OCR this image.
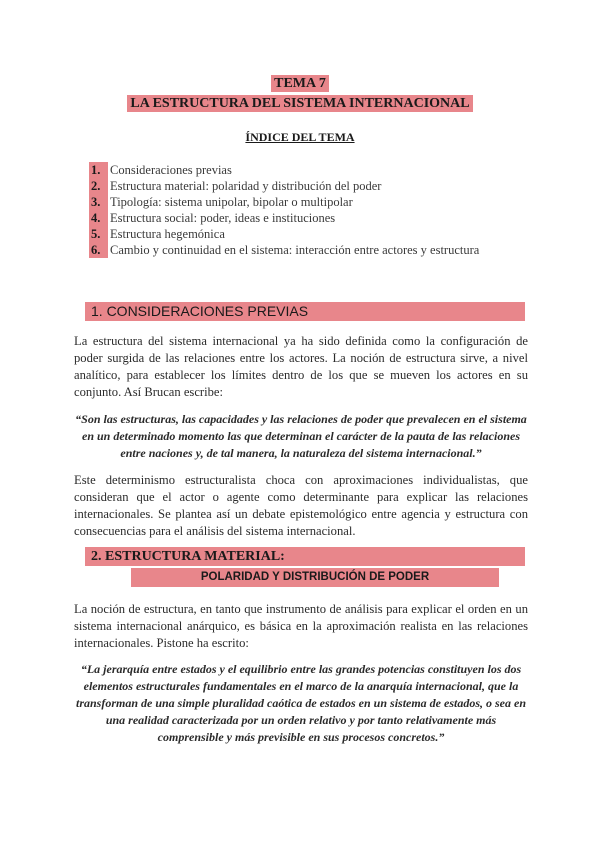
TEMA 7
LA ESTRUCTURA DEL SISTEMA INTERNACIONAL
ÍNDICE DEL TEMA
1. Consideraciones previas
2. Estructura material: polaridad y distribución del poder
3. Tipología: sistema unipolar, bipolar o multipolar
4. Estructura social: poder, ideas e instituciones
5. Estructura hegemónica
6. Cambio y continuidad en el sistema: interacción entre actores y estructura
1. CONSIDERACIONES PREVIAS

La estructura del sistema internacional ya ha sido definida como la configuración de poder surgida de las relaciones entre los actores. La noción de estructura sirve, a nivel analítico, para establecer los límites dentro de los que se mueven los actores en su conjunto. Así Brucan escribe:

“Son las estructuras, las capacidades y las relaciones de poder que prevalecen en el sistema en un determinado momento las que determinan el carácter de la pauta de las relaciones entre naciones y, de tal manera, la naturaleza del sistema internacional.”

Este determinismo estructuralista choca con aproximaciones individualistas, que consideran que el actor o agente como determinante para explicar las relaciones internacionales. Se plantea así un debate epistemológico entre agencia y estructura con consecuencias para el análisis del sistema internacional.

2. ESTRUCTURA MATERIAL:
POLARIDAD Y DISTRIBUCIÓN DE PODER

La noción de estructura, en tanto que instrumento de análisis para explicar el orden en un sistema internacional anárquico, es básica en la aproximación realista en las relaciones internacionales. Pistone ha escrito:

“La jerarquía entre estados y el equilibrio entre las grandes potencias constituyen los dos elementos estructurales fundamentales en el marco de la anarquía internacional, que la transforman de una simple pluralidad caótica de estados en un sistema de estados, o sea en una realidad caracterizada por un orden relativo y por tanto relativamente más comprensible y más previsible en sus procesos concretos.”
